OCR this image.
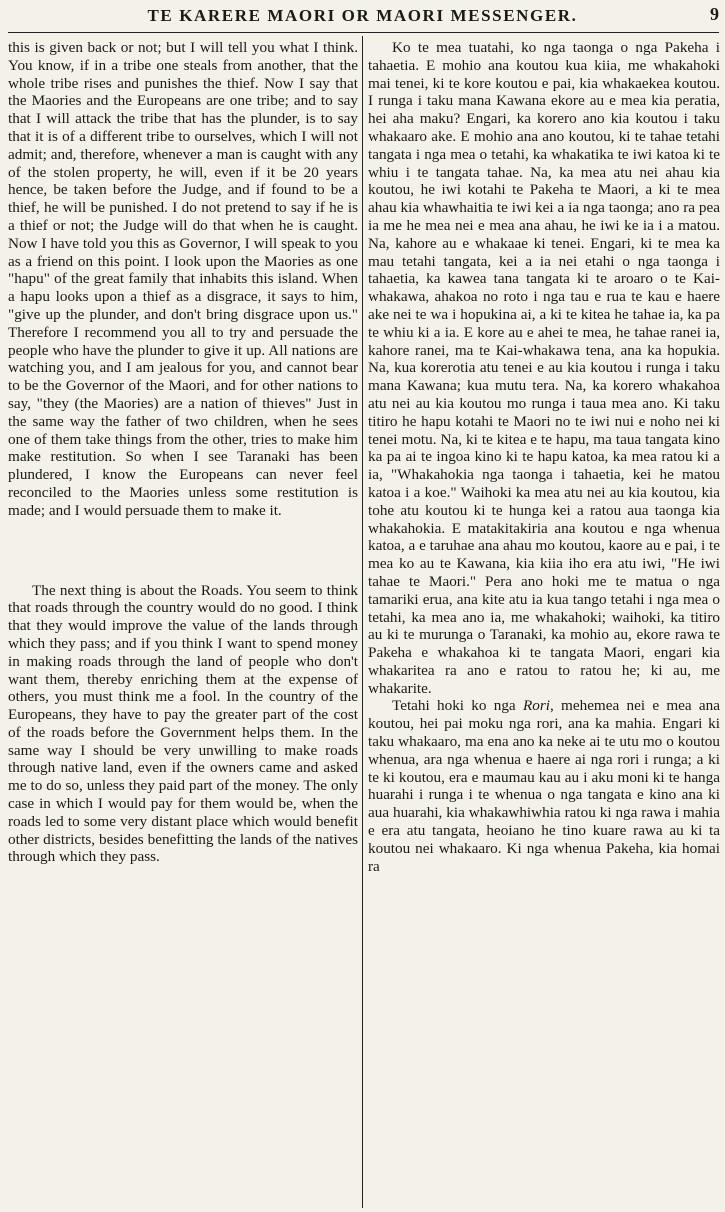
TE KARERE MAORI OR MAORI MESSENGER.	9

this is given back or not; but I will tell you what I think. You know, if in a tribe one steals from another, that the whole tribe rises and punishes the thief. Now I say that the Maories and the Europeans are one tribe; and to say that I will attack the tribe that has the plunder, is to say that it is of a different tribe to ourselves, which I will not admit; and, therefore, whenever a man is caught with any of the stolen property, he will, even if it be 20 years hence, be taken before the Judge, and if found to be a thief, he will be punished. I do not pretend to say if he is a thief or not; the Judge will do that when he is caught. Now I have told you this as Governor, I will speak to you as a friend on this point. I look upon the Maories as one "hapu" of the great family that inhabits this island. When a hapu looks upon a thief as a disgrace, it says to him, "give up the plunder, and don't bring disgrace upon us." Therefore I recommend you all to try and persuade the people who have the plunder to give it up. All nations are watching you, and I am jealous for you, and cannot bear to be the Governor of the Maori, and for other nations to say, "they (the Maories) are a nation of thieves" Just in the same way the father of two children, when he sees one of them take things from the other, tries to make him make restitution. So when I see Taranaki has been plundered, I know the Europeans can never feel reconciled to the Maories unless some restitution is made; and I would persuade them to make it.

The next thing is about the Roads. You seem to think that roads through the country would do no good. I think that they would improve the value of the lands through which they pass; and if you think I want to spend money in making roads through the land of people who don't want them, thereby enriching them at the expense of others, you must think me a fool. In the country of the Europeans, they have to pay the greater part of the cost of the roads before the Government helps them. In the same way I should be very unwilling to make roads through native land, even if the owners came and asked me to do so, unless they paid part of the money. The only case in which I would pay for them would be, when the roads led to some very distant place which would benefit other districts, besides benefitting the lands of the natives through which they pass.

Ko te mea tuatahi, ko nga taonga o nga Pakeha i tahaetia. E mohio ana koutou kua kiia, me whakahoki mai tenei, ki te kore koutou e pai, kia whakaekea koutou. I runga i taku mana Kawana ekore au e mea kia peratia, hei aha maku? Engari, ka korero ano kia koutou i taku whakaaro ake. E mohio ana ano koutou, ki te tahae tetahi tangata i nga mea o tetahi, ka whakatika te iwi katoa ki te whiu i te tangata tahae. Na, ka mea atu nei ahau kia koutou, he iwi kotahi te Pakeha te Maori, a ki te mea ahau kia whawhaitia te iwi kei a ia nga taonga; ano ra pea ia me he mea nei e mea ana ahau, he iwi ke ia i a matou. Na, kahore au e whakaae ki tenei. Engari, ki te mea ka mau tetahi tangata, kei a ia nei etahi o nga taonga i tahaetia, ka kawea tana tangata ki te aroaro o te Kai-whakawa, ahakoa no roto i nga tau e rua te kau e haere ake nei te wa i hopukina ai, a ki te kitea he tahae ia, ka pa te whiu ki a ia. E kore au e ahei te mea, he tahae ranei ia, kahore ranei, ma te Kai-whakawa tena, ana ka hopukia. Na, kua korerotia atu tenei e au kia koutou i runga i taku mana Kawana; kua mutu tera. Na, ka korero whakahoa atu nei au kia koutou mo runga i taua mea ano. Ki taku titiro he hapu kotahi te Maori no te iwi nui e noho nei ki tenei motu. Na, ki te kitea e te hapu, ma taua tangata kino ka pa ai te ingoa kino ki te hapu katoa, ka mea ratou ki a ia, "Whakahokia nga taonga i tahaetia, kei he matou katoa i a koe." Waihoki ka mea atu nei au kia koutou, kia tohe atu koutou ki te hunga kei a ratou aua taonga kia whakahokia. E matakitakiria ana koutou e nga whenua katoa, a e taruhae ana ahau mo koutou, kaore au e pai, i te mea ko au te Kawana, kia kiia iho era atu iwi, "He iwi tahae te Maori." Pera ano hoki me te matua o nga tamariki erua, ana kite atu ia kua tango tetahi i nga mea o tetahi, ka mea ano ia, me whakahoki; waihoki, ka titiro au ki te murunga o Taranaki, ka mohio au, ekore rawa te Pakeha e whakahoa ki te tangata Maori, engari kia whakaritea ra ano e ratou to ratou he; ki au, me whakarite.

Tetahi hoki ko nga Rori, mehemea nei e mea ana koutou, hei pai moku nga rori, ana ka mahia. Engari ki taku whakaaro, ma ena ano ka neke ai te utu mo o koutou whenua, ara nga whenua e haere ai nga rori i runga; a ki te ki koutou, era e maumau kau au i aku moni ki te hanga huarahi i runga i te whenua o nga tangata e kino ana ki aua huarahi, kia whakawhiwhia ratou ki nga rawa i mahia e era atu tangata, heoiano he tino kuare rawa au ki ta koutou nei whakaaro. Ki nga whenua Pakeha, kia homai ra
